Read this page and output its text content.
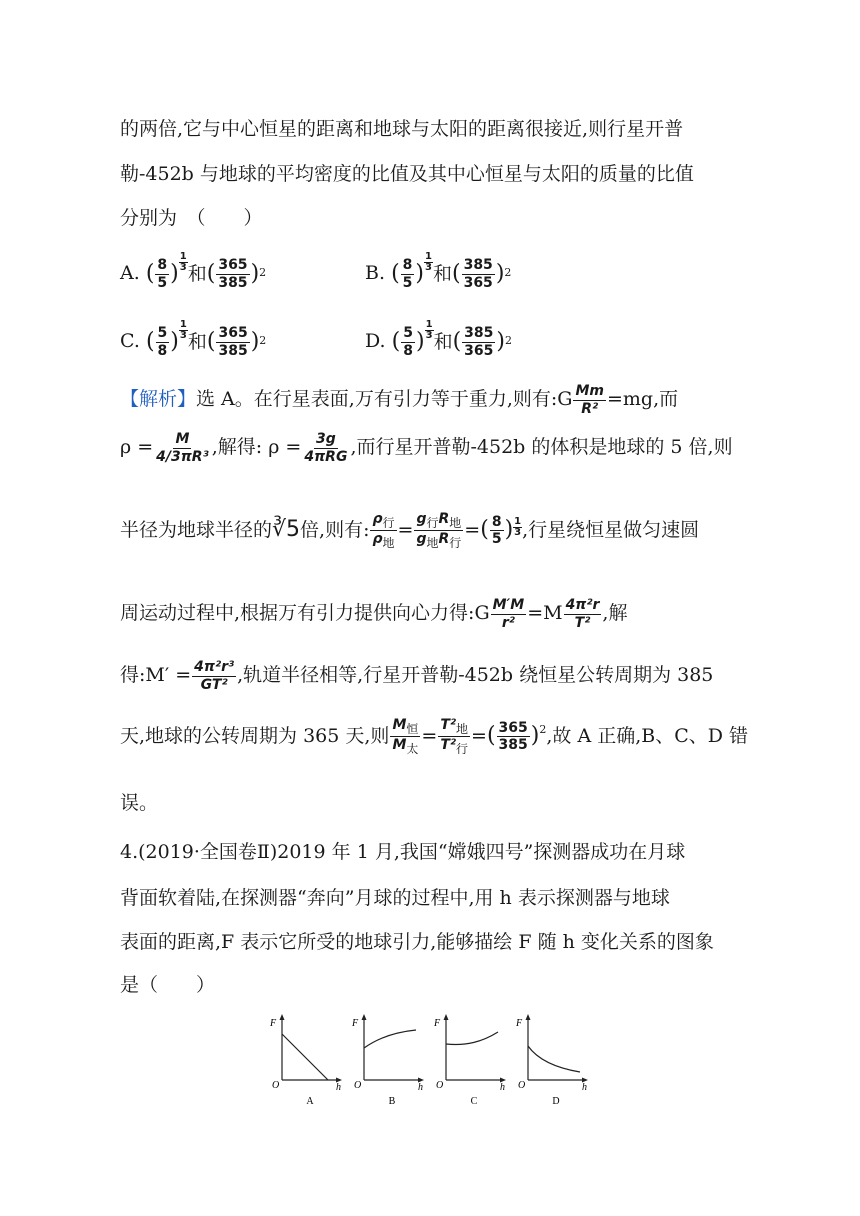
的两倍,它与中心恒星的距离和地球与太阳的距离很接近,则行星开普
勒-452b 与地球的平均密度的比值及其中心恒星与太阳的质量的比值
分别为　（　　）
A. ( $\frac{8}{5}$ ) $\frac{1}{3}$
和 ( $\frac{365}{385}$ ) 2	B. ( $\frac{8}{5}$ ) $\frac{1}{3}$
和 ( $\frac{385}{365}$ ) 2
C. ( $\frac{5}{8}$ ) $\frac{1}{3}$
和 ( $\frac{365}{385}$ ) 2	D. ( $\frac{5}{8}$ ) $\frac{1}{3}$
和 ( $\frac{385}{365}$ ) 2
【解析】选 A。在行星表面,万有引力等于重力,则有:G $\frac{Mm}{\text{R²}} =mg$,而
$\rho = \frac{M}{\text{4/3πR³}}$ ,解得: $\rho = \frac{3g}{\text{4πRG}}$ ,而行星开普勒-452b 的体积是地球的 5 倍,则
半径为地球半径的∛5倍,则有: $\frac{\text{ρ行}}{\text{ρ地}} = \frac{\text{g行R地}}{\text{g地R行}}$ =( $\frac{8}{5}$ ) $\frac{1}{3}$ ,行星绕恒星做匀速圆
周运动过程中,根据万有引力提供向心力得:G $\frac{M'M}{\text{r²}} =M \frac{\text{4π²r}}{\text{T²}}$ ,解
得:M′ = $\frac{\text{4π²r³}}{\text{GT²}}$ ,轨道半径相等,行星开普勒-452b 绕恒星公转周期为 385
天,地球的公转周期为 365 天,则 $\frac{\text{M恒}}{\text{M太}} = \frac{\text{T²地}}{\text{T²行}}$ =( $\frac{365}{385} )^2$,故 A 正确,B、C、D 错
误。
4.(2019·全国卷Ⅱ)2019 年 1 月,我国“嫦娥四号”探测器成功在月球
背面软着陆,在探测器“奔向”月球的过程中,用 h 表示探测器与地球
表面的距离,F 表示它所受的地球引力,能够描绘 F 随 h 变化关系的图象
是（　　）
F
h
O
A
F
h
O
B
F
h
O
C
F
h
O
D
